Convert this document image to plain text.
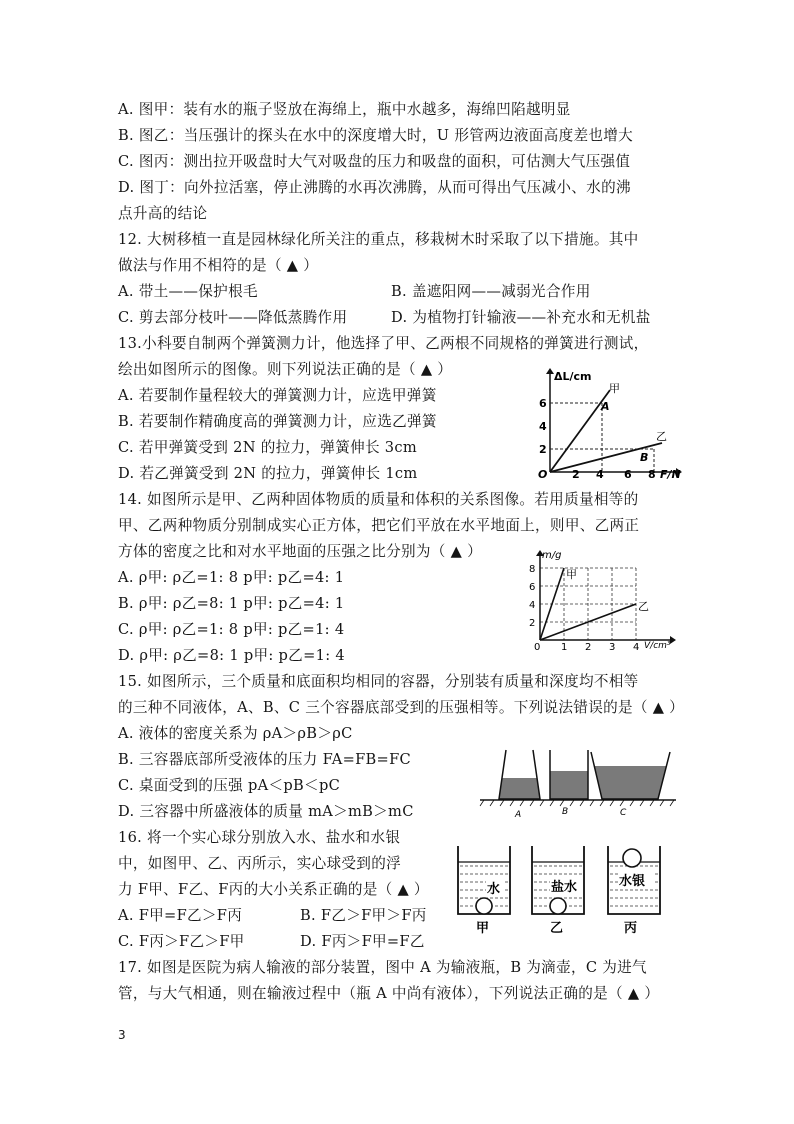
A. 图甲：装有水的瓶子竖放在海绵上，瓶中水越多，海绵凹陷越明显
B. 图乙：当压强计的探头在水中的深度增大时，U 形管两边液面高度差也增大
C. 图丙：测出拉开吸盘时大气对吸盘的压力和吸盘的面积，可估测大气压强值
D. 图丁：向外拉活塞，停止沸腾的水再次沸腾，从而可得出气压减小、水的沸
点升高的结论
12. 大树移植一直是园林绿化所关注的重点，移栽树木时采取了以下措施。其中
做法与作用不相符的是（ ▲ ）
A. 带土——保护根毛	B. 盖遮阳网——减弱光合作用
C. 剪去部分枝叶——降低蒸腾作用	D. 为植物打针输液——补充水和无机盐
13.小科要自制两个弹簧测力计，他选择了甲、乙两根不同规格的弹簧进行测试，
绘出如图所示的图像。则下列说法正确的是（ ▲ ）
A. 若要制作量程较大的弹簧测力计，应选甲弹簧
B. 若要制作精确度高的弹簧测力计，应选乙弹簧
C. 若甲弹簧受到 2N 的拉力，弹簧伸长 3cm
D. 若乙弹簧受到 2N 的拉力，弹簧伸长 1cm
ΔL/cm
甲
A
乙
B
O
6
4
2
2 4 6 8 F/N
14. 如图所示是甲、乙两种固体物质的质量和体积的关系图像。若用质量相等的
甲、乙两种物质分别制成实心正方体，把它们平放在水平地面上，则甲、乙两正
方体的密度之比和对水平地面的压强之比分别为（ ▲ ）
A. ρ甲: ρ乙=1: 8 p甲: p乙=4: 1
B. ρ甲: ρ乙=8: 1 p甲: p乙=4: 1
C. ρ甲: ρ乙=1: 8 p甲: p乙=1: 4
D. ρ甲: ρ乙=8: 1 p甲: p乙=1: 4
m/g
甲
乙
8
6
4
2
0 1 2 3 4 V/cm³
15. 如图所示，三个质量和底面积均相同的容器，分别装有质量和深度均不相等
的三种不同液体，A、B、C 三个容器底部受到的压强相等。下列说法错误的是（ ▲ ）
A. 液体的密度关系为 ρA＞ρB＞ρC
B. 三容器底部所受液体的压力 FA=FB=FC
C. 桌面受到的压强 pA＜pB＜pC
D. 三容器中所盛液体的质量 mA＞mB＞mC	A	B	C
16. 将一个实心球分别放入水、盐水和水银
中，如图甲、乙、丙所示，实心球受到的浮
力 F甲、F乙、F丙的大小关系正确的是（ ▲ ）
A. F甲=F乙＞F丙	B. F乙＞F甲＞F丙
C. F丙＞F乙＞F甲	D. F丙＞F甲=F乙
水
甲
盐水
乙
水银
丙
17. 如图是医院为病人输液的部分装置，图中 A 为输液瓶，B 为滴壶，C 为进气
管，与大气相通，则在输液过程中（瓶 A 中尚有液体），下列说法正确的是（ ▲ ）
3
